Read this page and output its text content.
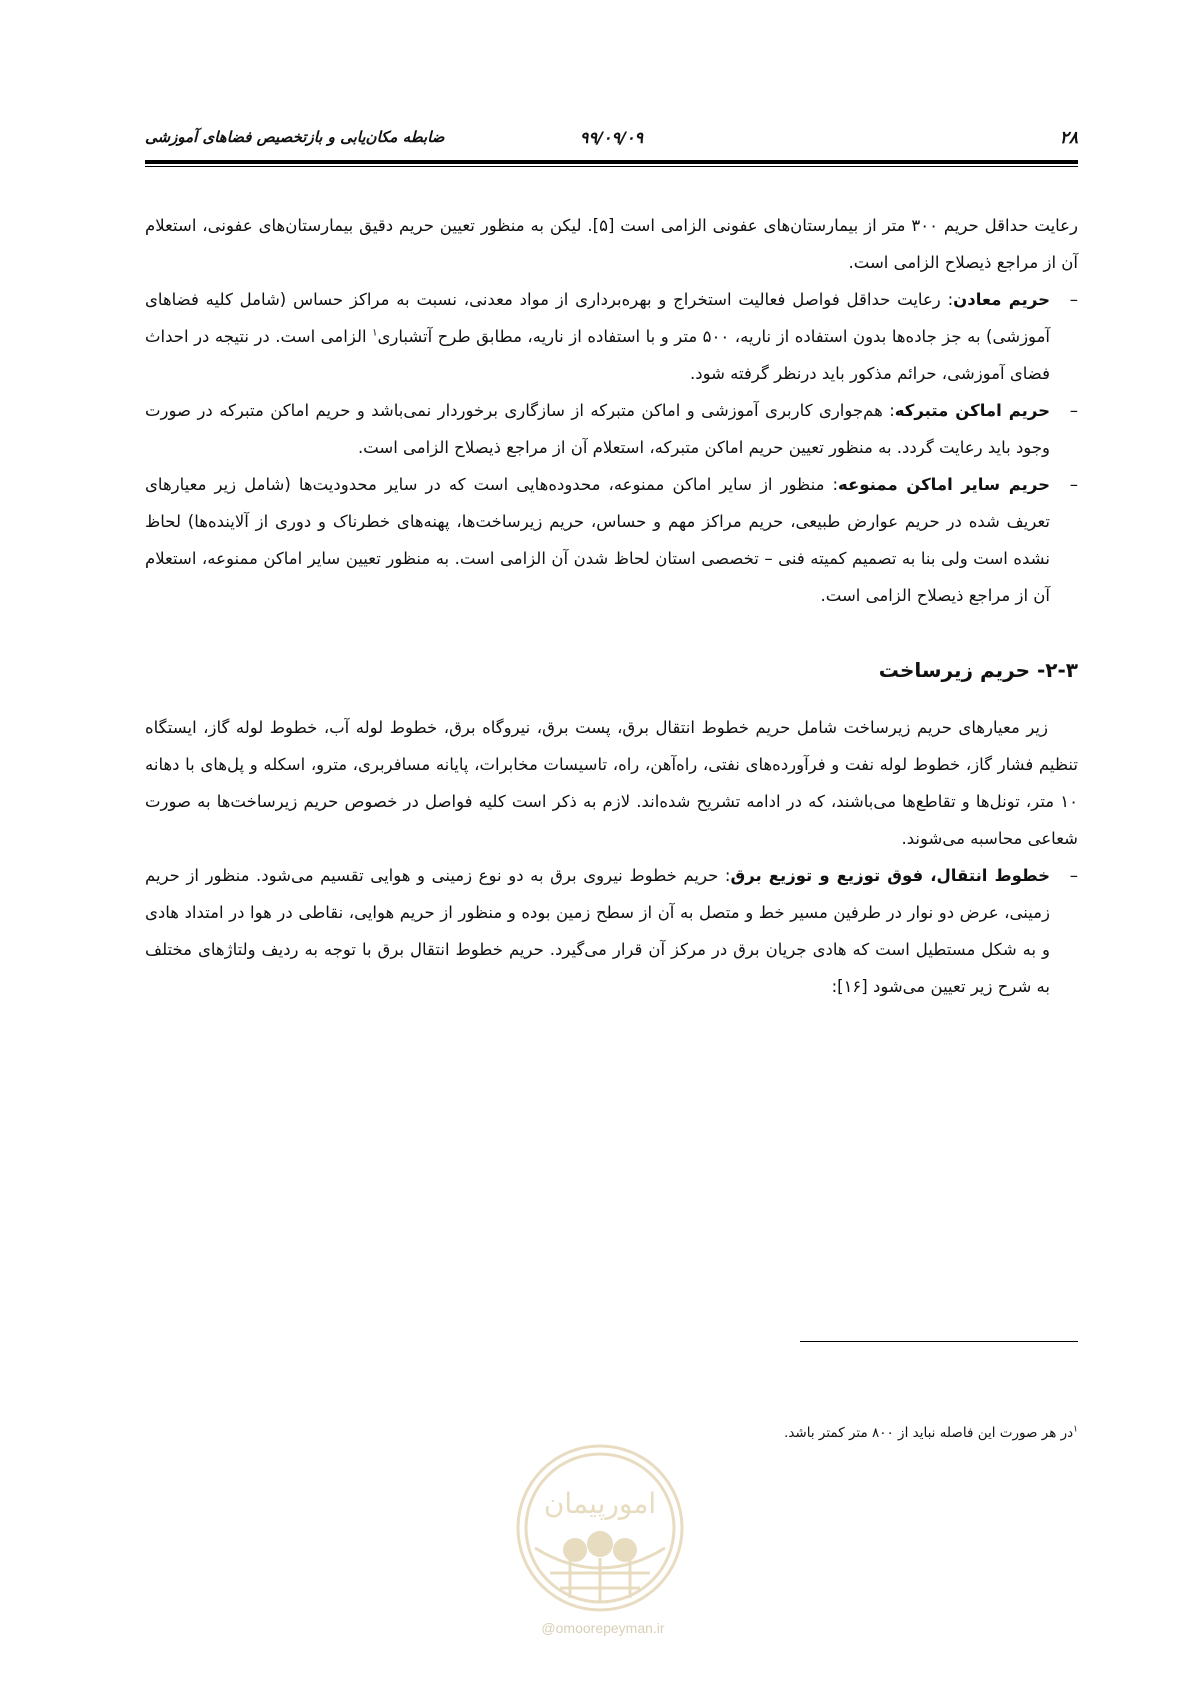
۲۸
۹۹/۰۹/۰۹
ضابطه مکان‌یابی و بازتخصیص فضاهای آموزشی

رعایت حداقل حریم ۳۰۰ متر از بیمارستان‌های عفونی الزامی است [۵]. لیکن به منظور تعیین حریم دقیق بیمارستان‌های عفونی، استعلام آن از مراجع ذیصلاح الزامی است.

–
حریم معادن: رعایت حداقل فواصل فعالیت استخراج و بهره‌برداری از مواد معدنی، نسبت به مراکز حساس (شامل کلیه فضاهای آموزشی) به جز جاده‌ها بدون استفاده از ناریه، ۵۰۰ متر و با استفاده از ناریه، مطابق طرح آتشباری$^۱$ الزامی است. در نتیجه در احداث فضای آموزشی، حرائم مذکور باید درنظر گرفته شود.

–
حریم اماکن متبرکه: هم‌جواری کاربری آموزشی و اماکن متبرکه از سازگاری برخوردار نمی‌باشد و حریم اماکن متبرکه در صورت وجود باید رعایت گردد. به منظور تعیین حریم اماکن متبرکه، استعلام آن از مراجع ذیصلاح الزامی است.

–
حریم سایر اماکن ممنوعه: منظور از سایر اماکن ممنوعه، محدوده‌هایی است که در سایر محدودیت‌ها (شامل زیر معیارهای تعریف شده در حریم عوارض طبیعی، حریم مراکز مهم و حساس، حریم زیرساخت‌ها، پهنه‌های خطرناک و دوری از آلاینده‌ها) لحاظ نشده است ولی بنا به تصمیم کمیته فنی – تخصصی استان لحاظ شدن آن الزامی است. به منظور تعیین سایر اماکن ممنوعه، استعلام آن از مراجع ذیصلاح الزامی است.

۲-۳- حریم زیرساخت

زیر معیارهای حریم زیرساخت شامل حریم خطوط انتقال برق، پست برق، نیروگاه برق، خطوط لوله آب، خطوط لوله گاز، ایستگاه تنظیم فشار گاز، خطوط لوله نفت و فرآورده‌های نفتی، راه‌آهن، راه، تاسیسات مخابرات، پایانه مسافربری، مترو، اسکله و پل‌های با دهانه ۱۰ متر، تونل‌ها و تقاطع‌ها می‌باشند، که در ادامه تشریح شده‌اند. لازم به ذکر است کلیه فواصل در خصوص حریم زیرساخت‌ها به صورت شعاعی محاسبه می‌شوند.

–
خطوط انتقال، فوق توزیع و توزیع برق: حریم خطوط نیروی برق به دو نوع زمینی و هوایی تقسیم می‌شود. منظور از حریم زمینی، عرض دو نوار در طرفین مسیر خط و متصل به آن از سطح زمین بوده و منظور از حریم هوایی، نقاطی در هوا در امتداد هادی و به شکل مستطیل است که هادی جریان برق در مرکز آن قرار می‌گیرد. حریم خطوط انتقال برق با توجه به ردیف ولتاژهای مختلف به شرح زیر تعیین می‌شود [۱۶]:

$^۱$در هر صورت این فاصله نباید از ۸۰۰ متر کمتر باشد.
امورپیمان
@omoorepeyman.ir
